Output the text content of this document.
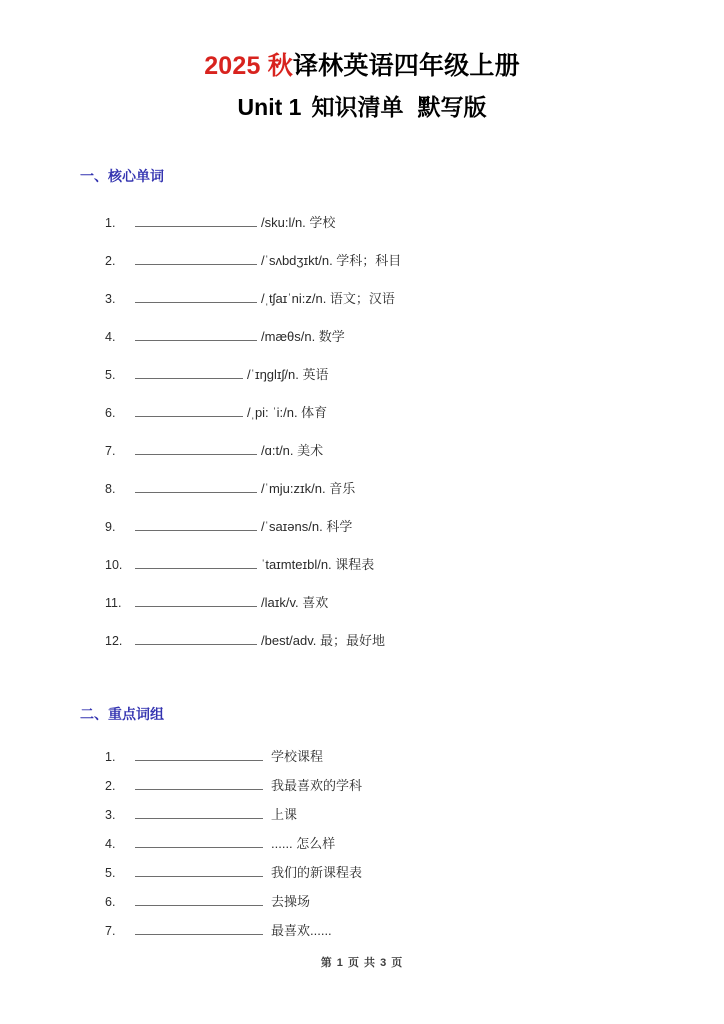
2025 秋译林英语四年级上册
Unit 1 知识清单 默写版
一、核心单词
1.	/sku:l/n. 学校
2.	/ˈsʌbdʒɪkt/n. 学科；科目
3.	/ˌtʃaɪˈni:z/n. 语文；汉语
4.	/mæθs/n. 数学
5.	/ˈɪŋglɪʃ/n. 英语
6.	/ˌpi: ˈi:/n. 体育
7.	/ɑ:t/n. 美术
8.	/ˈmju:zɪk/n. 音乐
9.	/ˈsaɪəns/n. 科学
10.	ˈtaɪmteɪbl/n. 课程表
11.	/laɪk/v. 喜欢
12.	/best/adv. 最；最好地
二、重点词组
1.	学校课程
2.	我最喜欢的学科
3.	上课
4.	...... 怎么样
5.	我们的新课程表
6.	去操场
7.	最喜欢......
第 1 页 共 3 页
